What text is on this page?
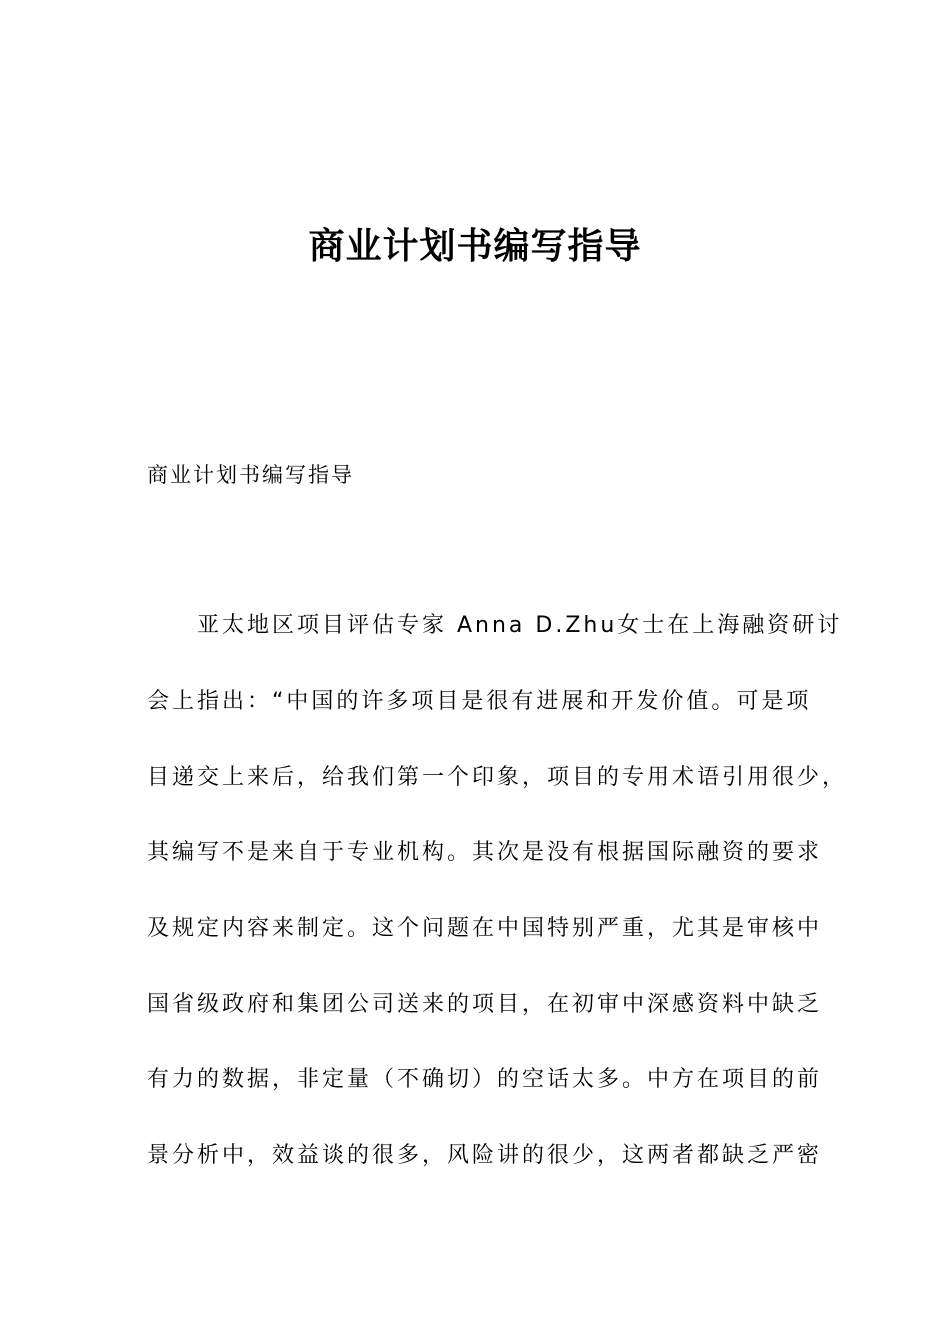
商业计划书编写指导
商业计划书编写指导
　　亚太地区项目评估专家 Anna D.Zhu女士在上海融资研讨
会上指出：“中国的许多项目是很有进展和开发价值。可是项
目递交上来后，给我们第一个印象，项目的专用术语引用很少，
其编写不是来自于专业机构。其次是没有根据国际融资的要求
及规定内容来制定。这个问题在中国特别严重，尤其是审核中
国省级政府和集团公司送来的项目，在初审中深感资料中缺乏
有力的数据，非定量（不确切）的空话太多。中方在项目的前
景分析中，效益谈的很多，风险讲的很少，这两者都缺乏严密
